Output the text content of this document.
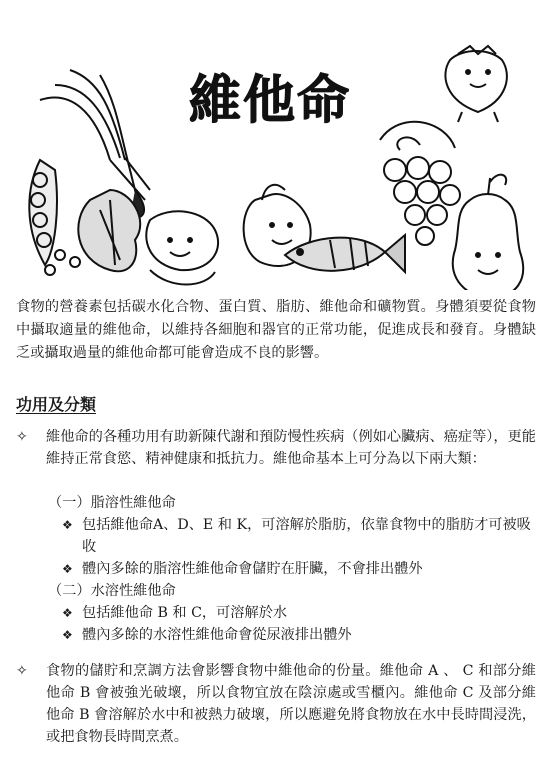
維他命
食物的營養素包括碳水化合物、蛋白質、脂肪、維他命和礦物質。身體須要從食物中攝取適量的維他命，以維持各細胞和器官的正常功能，促進成長和發育。身體缺乏或攝取過量的維他命都可能會造成不良的影響。
功用及分類
✧	維他命的各種功用有助新陳代謝和預防慢性疾病（例如心臟病、癌症等），更能維持正常食慾、精神健康和抵抗力。維他命基本上可分為以下兩大類：
（一）脂溶性維他命
❖ 包括維他命A、D、E 和 K，可溶解於脂肪，依靠食物中的脂肪才可被吸收
❖ 體內多餘的脂溶性維他命會儲貯在肝臟，不會排出體外
（二）水溶性維他命
❖ 包括維他命 B 和 C，可溶解於水
❖ 體內多餘的水溶性維他命會從尿液排出體外
✧	食物的儲貯和烹調方法會影響食物中維他命的份量。維他命 A 、 C 和部分維他命 B 會被強光破壞，所以食物宜放在陰涼處或雪櫃內。維他命 C 及部分維他命 B 會溶解於水中和被熱力破壞，所以應避免將食物放在水中長時間浸洗，或把食物長時間烹煮。
